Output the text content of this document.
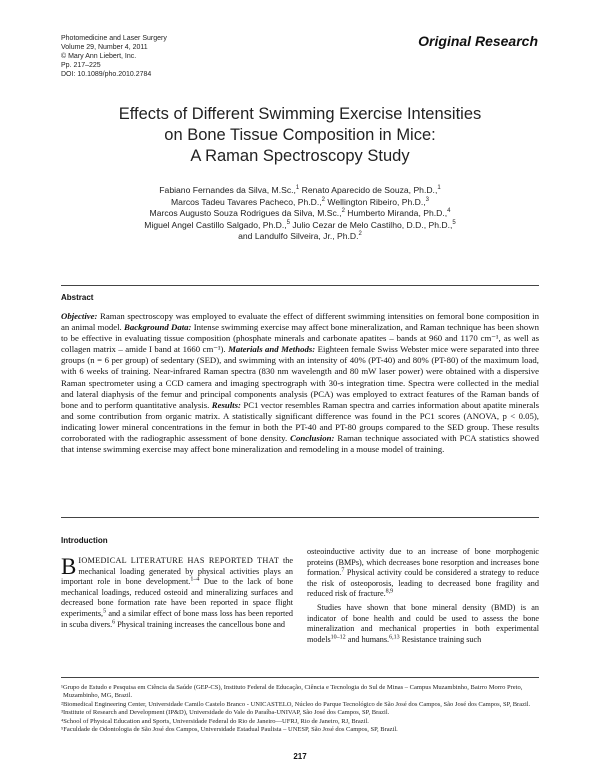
Photomedicine and Laser Surgery
Volume 29, Number 4, 2011
© Mary Ann Liebert, Inc.
Pp. 217–225
DOI: 10.1089/pho.2010.2784
Original Research
Effects of Different Swimming Exercise Intensities
on Bone Tissue Composition in Mice:
A Raman Spectroscopy Study
Fabiano Fernandes da Silva, M.Sc.,$^1$ Renato Aparecido de Souza, Ph.D.,$^1$
Marcos Tadeu Tavares Pacheco, Ph.D.,$^2$ Wellington Ribeiro, Ph.D.,$^3$
Marcos Augusto Souza Rodrigues da Silva, M.Sc.,$^2$ Humberto Miranda, Ph.D.,$^4$
Miguel Angel Castillo Salgado, Ph.D.,$^5$ Julio Cezar de Melo Castilho, D.D., Ph.D.,$^5$
and Landulfo Silveira, Jr., Ph.D.$^2$
Abstract
Objective: Raman spectroscopy was employed to evaluate the effect of different swimming intensities on femoral bone composition in an animal model. Background Data: Intense swimming exercise may affect bone mineralization, and Raman technique has been shown to be effective in evaluating tissue composition (phosphate minerals and carbonate apatites – bands at 960 and 1170 cm⁻¹, as well as collagen matrix – amide I band at 1660 cm⁻¹). Materials and Methods: Eighteen female Swiss Webster mice were separated into three groups (n = 6 per group) of sedentary (SED), and swimming with an intensity of 40% (PT-40) and 80% (PT-80) of the maximum load, with 6 weeks of training. Near-infrared Raman spectra (830 nm wavelength and 80 mW laser power) were obtained with a dispersive Raman spectrometer using a CCD camera and imaging spectrograph with 30-s integration time. Spectra were collected in the medial and lateral diaphysis of the femur and principal components analysis (PCA) was employed to extract features of the Raman bands of bone and to perform quantitative analysis. Results: PC1 vector resembles Raman spectra and carries information about apatite minerals and some contribution from organic matrix. A statistically significant difference was found in the PC1 scores (ANOVA, p < 0.05), indicating lower mineral concentrations in the femur in both the PT-40 and PT-80 groups compared to the SED group. These results corroborated with the radiographic assessment of bone density. Conclusion: Raman technique associated with PCA statistics showed that intense swimming exercise may affect bone mineralization and remodeling in a mouse model of training.
Introduction
BIOMEDICAL LITERATURE HAS REPORTED THAT the mechanical loading generated by physical activities plays an important role in bone development.$^{1-4}$ Due to the lack of bone mechanical loadings, reduced osteoid and mineralizing surfaces and decreased bone formation rate have been reported in space flight experiments,$^5$ and a similar effect of bone mass loss has been reported in scuba divers.$^6$ Physical training increases the cancellous bone and
osteoinductive activity due to an increase of bone morphogenic proteins (BMPs), which decreases bone resorption and increases bone formation.$^7$ Physical activity could be considered a strategy to reduce the risk of osteoporosis, leading to decreased bone fragility and reduced risk of fracture.$^{8,9}$
Studies have shown that bone mineral density (BMD) is an indicator of bone health and could be used to assess the bone mineralization and mechanical properties in both experimental models$^{10-12}$ and humans.$^{6,13}$ Resistance training such
¹Grupo de Estudo e Pesquisa em Ciência da Saúde (GEP-CS), Instituto Federal de Educação, Ciência e Tecnologia do Sul de Minas – Campus Muzambinho, Bairro Morro Preto, Muzambinho, MG, Brazil.
²Biomedical Engineering Center, Universidade Camilo Castelo Branco - UNICASTELO, Núcleo do Parque Tecnológico de São José dos Campos, São José dos Campos, SP, Brazil.
³Institute of Research and Development (IP&D), Universidade do Vale do Paraíba-UNIVAP, São José dos Campos, SP, Brazil.
⁴School of Physical Education and Sports, Universidade Federal do Rio de Janeiro—UFRJ, Rio de Janeiro, RJ, Brazil.
⁵Faculdade de Odontologia de São José dos Campos, Universidade Estadual Paulista – UNESP, São José dos Campos, SP, Brazil.
217
